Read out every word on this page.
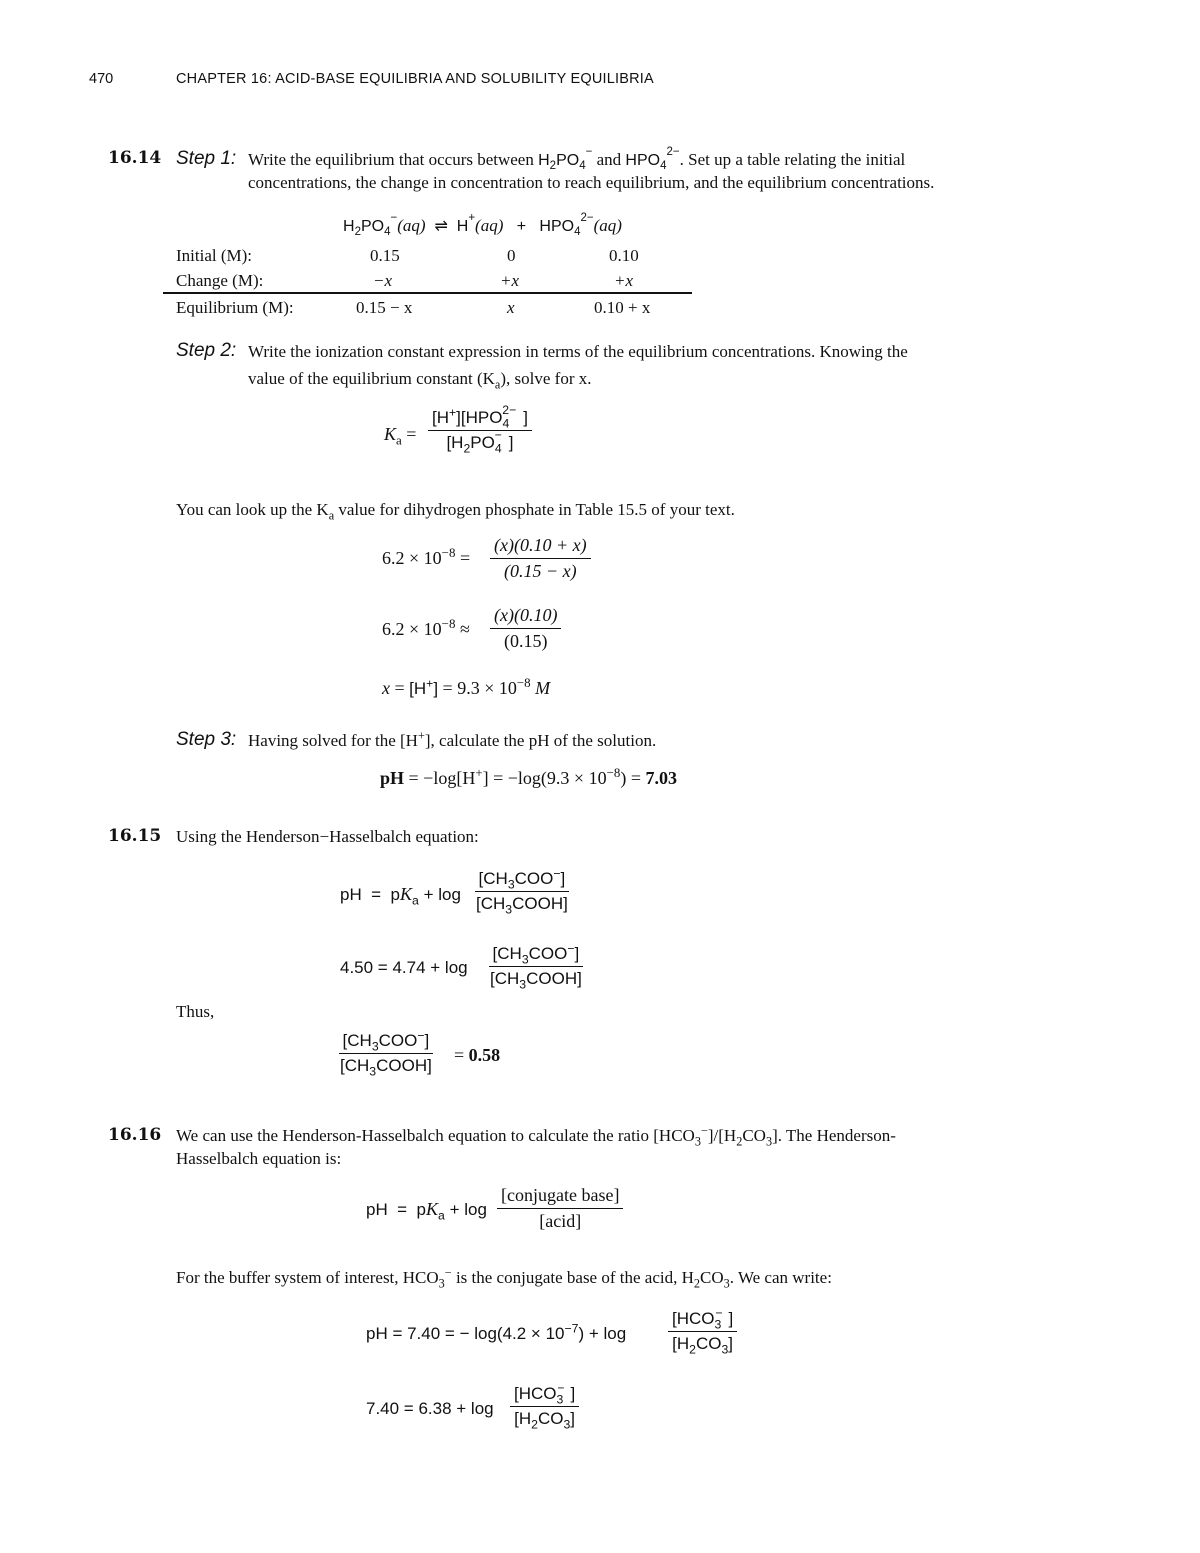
470	CHAPTER 16: ACID-BASE EQUILIBRIA AND SOLUBILITY EQUILIBRIA
16.14 Step 1: Write the equilibrium that occurs between $H_2PO_4^-$ and $HPO_4^{2-}$. Set up a table relating the initial
concentrations, the change in concentration to reach equilibrium, and the equilibrium concentrations.
$H_2PO_4^-(aq)$  ⇌  $H^+(aq) + HPO_4^{2-}(aq)$
Initial (M):	0.15	0	0.10
Change (M):	−x	+x	+x
Equilibrium (M):	0.15 − x	x	0.10 + x
Step 2: Write the ionization constant expression in terms of the equilibrium concentrations. Knowing the
value of the equilibrium constant $(K_a)$, solve for x.
$K_a$ =
$[H^+][HPO_4^{2-}$ ]
[$H_2PO_4^-$ ]
You can look up the $K_a$ value for dihydrogen phosphate in Table 15.5 of your text.
$6.2 \times 10^{-8} = \frac{(x)(0.10 + x)}{(0.15 - x)}$
$6.2 \times 10^{-8} \approx \frac{(x)(0.10)}{(0.15)}$
$x = [H^+] = 9.3 \times 10^{-8}$ M
Step 3: Having solved for the [H+], calculate the pH of the solution.
pH = $-\log[H^+] = -\log(9.3 \times 10^{-8}) = 7.03$
16.15 Using the Henderson−Hasselbalch equation:
pH  =  $pK_a + \log$
$[CH_3COO^-]$
$[CH_3COOH]$
4.50 = 4.74 + log
$[CH_3COO^-]$
$[CH_3COOH]$
Thus,
$[CH_3COO^-]$
$[CH_3COOH]$
= 0.58
16.16 We can use the Henderson-Hasselbalch equation to calculate the ratio $[HCO_3^-]/[H_2CO_3]$. The Henderson-
Hasselbalch equation is:
pH  =  $pK_a + \log$
[conjugate base]
[acid]
For the buffer system of interest, $HCO_3^-$ is the conjugate base of the acid, $H_2CO_3$. We can write:
pH = 7.40 = − $\log(4.2 \times 10^{-7}) + \log$
[$HCO_3^-$ ]
$[H_2CO_3]$
7.40 = 6.38 + log
[$HCO_3^-$ ]
$[H_2CO_3]$
